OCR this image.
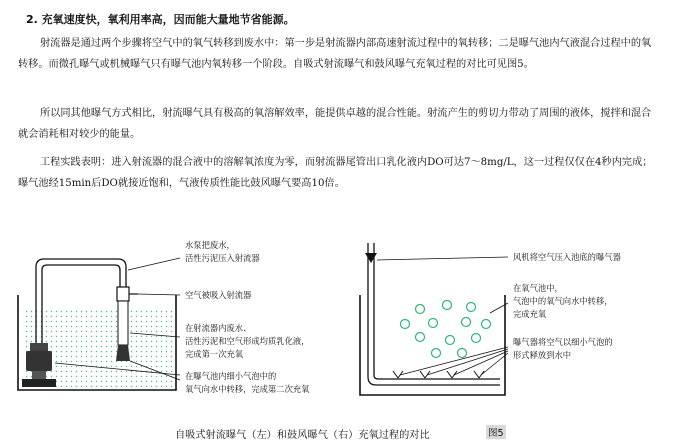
2. 充氧速度快，氧利用率高，因而能大量地节省能源。

射流器是通过两个步骤将空气中的氧气转移到废水中：第一步是射流器内部高速射流过程中的氧转移；二是曝气池内气液混合过程中的氧转移。而微孔曝气或机械曝气只有曝气池内氧转移一个阶段。自吸式射流曝气和鼓风曝气充氧过程的对比可见图5。

所以同其他曝气方式相比，射流曝气具有极高的氧溶解效率，能提供卓越的混合性能。射流产生的剪切力带动了周围的液体，搅拌和混合就会消耗相对较少的能量。

工程实践表明：进入射流器的混合液中的溶解氧浓度为零，而射流器尾管出口乳化液内DO可达7～8mg/L，这一过程仅仅在4秒内完成；曝气池经15min后DO就接近饱和，气液传质性能比鼓风曝气要高10倍。

水泵把废水，
活性污泥压入射流器
空气被吸入射流器
在射流器内废水、
活性污泥和空气形成均质乳化液，
完成第一次充氧
在曝气池内细小气泡中的
氧气向水中转移，完成第二次充氧
风机将空气压入池底的曝气器
在氧气池中，
气泡中的氧气向水中转移，
完成充氧
曝气器将空气以细小气泡的
形式释放到水中
自吸式射流曝气（左）和鼓风曝气（右）充氧过程的对比	图5
